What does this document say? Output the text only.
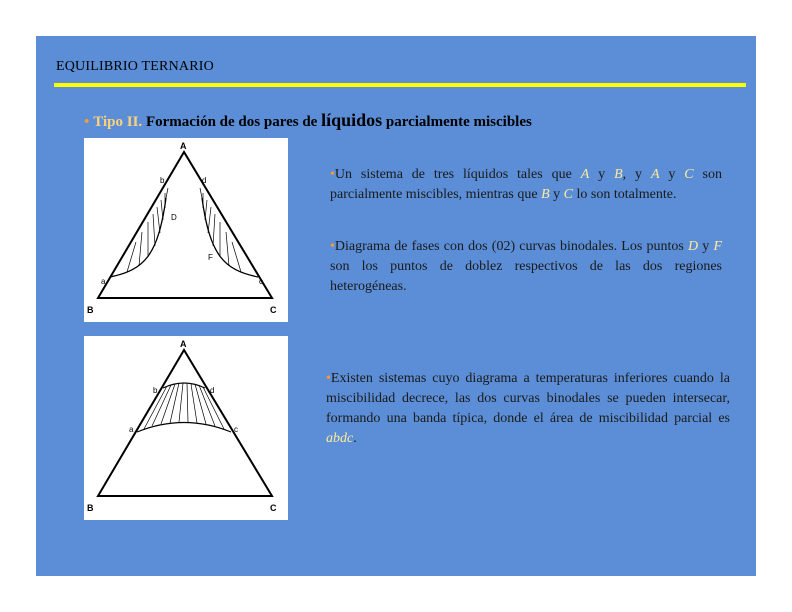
EQUILIBRIO TERNARIO
• Tipo II. Formación de dos pares de líquidos parcialmente miscibles
A
B	C
b	d
D
F
a	c
A
B	C
b	d
a	c
•Un sistema de tres líquidos tales que A y B, y A y C son parcialmente miscibles, mientras que B y C lo son totalmente.
•Diagrama de fases con dos (02) curvas binodales. Los puntos D y F son los puntos de doblez respectivos de las dos regiones heterogéneas.
•Existen sistemas cuyo diagrama a temperaturas inferiores cuando la miscibilidad decrece, las dos curvas binodales se pueden intersecar, formando una banda típica, donde el área de miscibilidad parcial es abdc.
